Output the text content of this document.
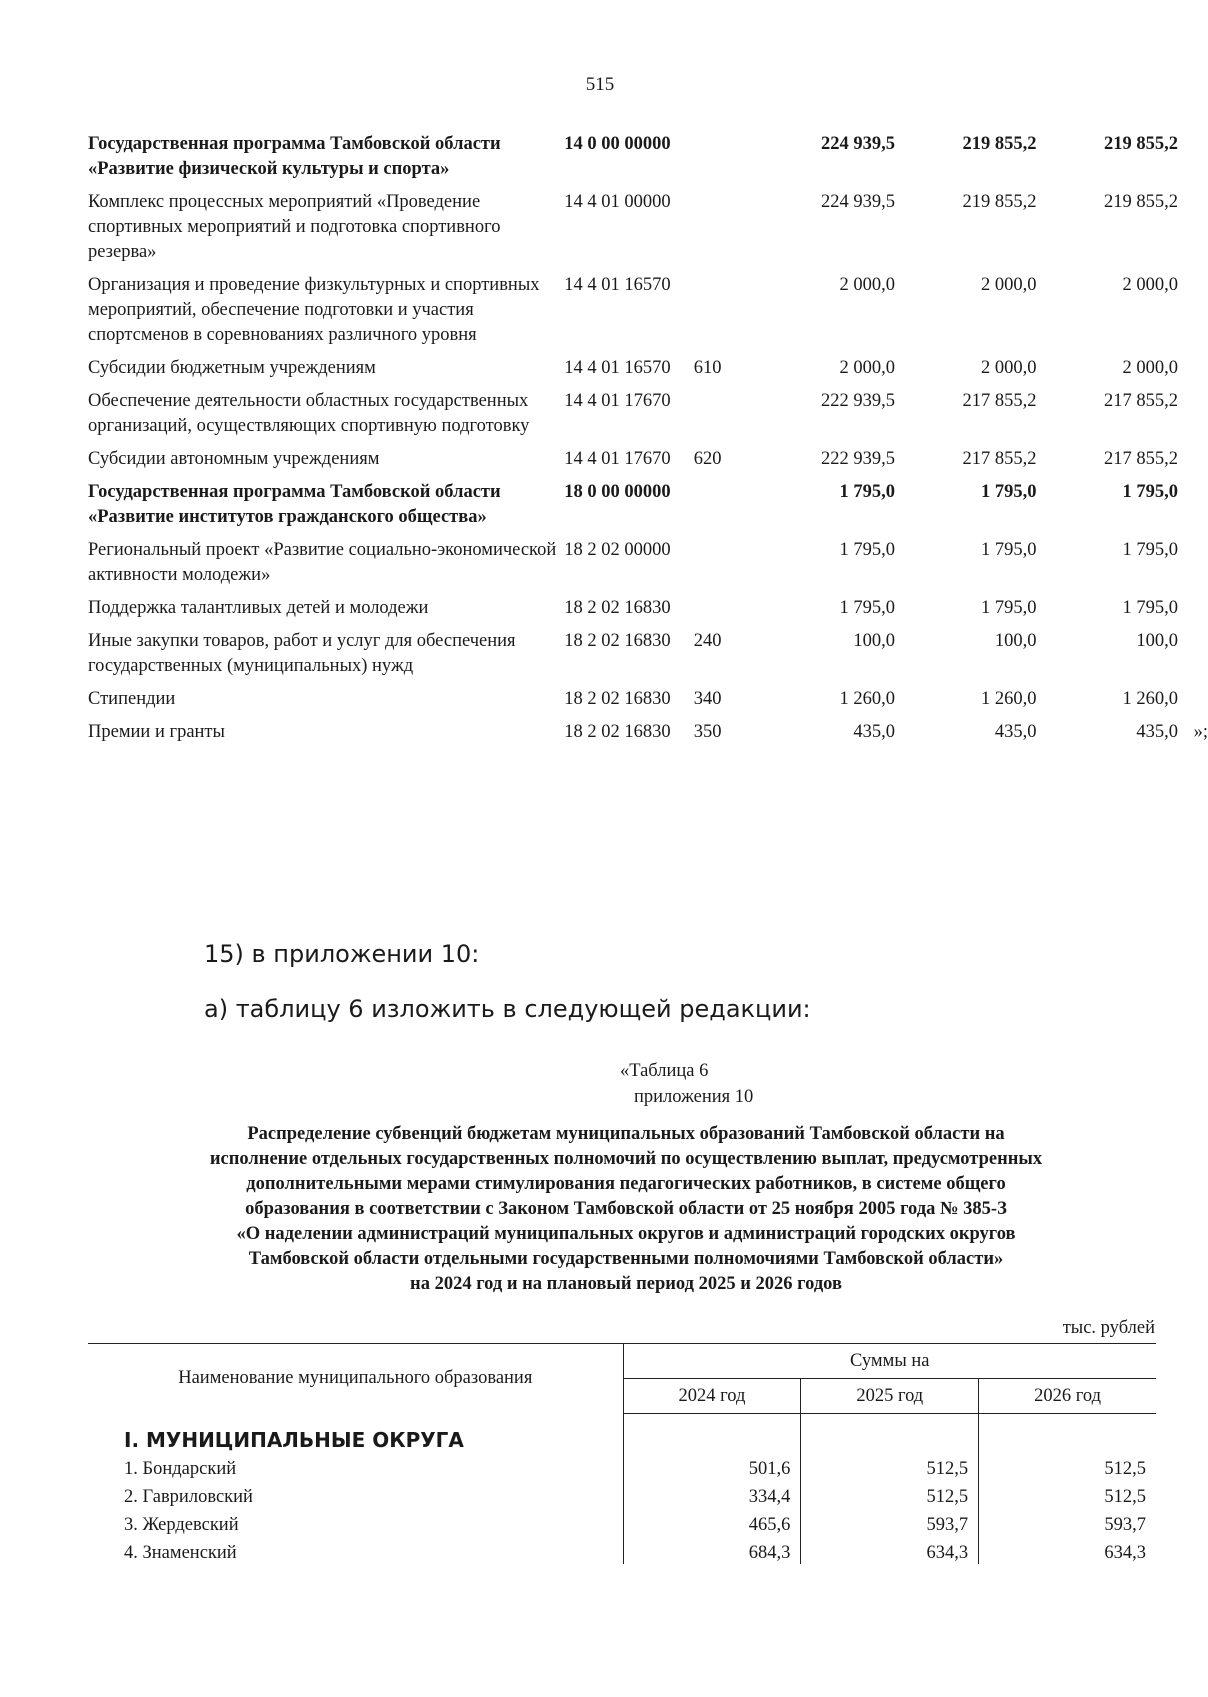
515
Государственная программа Тамбовской области «Развитие физической культуры и спорта»	14 0 00 00000		224 939,5	219 855,2	219 855,2
Комплекс процессных мероприятий «Проведение спортивных мероприятий и подготовка спортивного резерва»	14 4 01 00000		224 939,5	219 855,2	219 855,2
Организация и проведение физкультурных и спортивных мероприятий, обеспечение подготовки и участия спортсменов в соревнованиях различного уровня	14 4 01 16570		2 000,0	2 000,0	2 000,0
Субсидии бюджетным учреждениям	14 4 01 16570	610	2 000,0	2 000,0	2 000,0
Обеспечение деятельности областных государственных организаций, осуществляющих спортивную подготовку	14 4 01 17670		222 939,5	217 855,2	217 855,2
Субсидии автономным учреждениям	14 4 01 17670	620	222 939,5	217 855,2	217 855,2
Государственная программа Тамбовской области «Развитие институтов гражданского общества»	18 0 00 00000		1 795,0	1 795,0	1 795,0
Региональный проект «Развитие социально-экономической активности молодежи»	18 2 02 00000		1 795,0	1 795,0	1 795,0
Поддержка талантливых детей и молодежи	18 2 02 16830		1 795,0	1 795,0	1 795,0
Иные закупки товаров, работ и услуг для обеспечения государственных (муниципальных) нужд	18 2 02 16830	240	100,0	100,0	100,0
Стипендии	18 2 02 16830	340	1 260,0	1 260,0	1 260,0
Премии и гранты	18 2 02 16830	350	435,0	435,0	435,0 »;
15) в приложении 10:
а) таблицу 6 изложить в следующей редакции:
«Таблица 6
приложения 10
Распределение субвенций бюджетам муниципальных образований Тамбовской области на
исполнение отдельных государственных полномочий по осуществлению выплат, предусмотренных
дополнительными мерами стимулирования педагогических работников, в системе общего
образования в соответствии с Законом Тамбовской области от 25 ноября 2005 года № 385-З
«О наделении администраций муниципальных округов и администраций городских округов
Тамбовской области отдельными государственными полномочиями Тамбовской области»
на 2024 год и на плановый период 2025 и 2026 годов
тыс. рублей
Наименование муниципального образования	Суммы на		
	2024 год	2025 год	2026 год
I. МУНИЦИПАЛЬНЫЕ ОКРУГА			
1. Бондарский	501,6	512,5	512,5
2. Гавриловский	334,4	512,5	512,5
3. Жердевский	465,6	593,7	593,7
4. Знаменский	684,3	634,3	634,3
